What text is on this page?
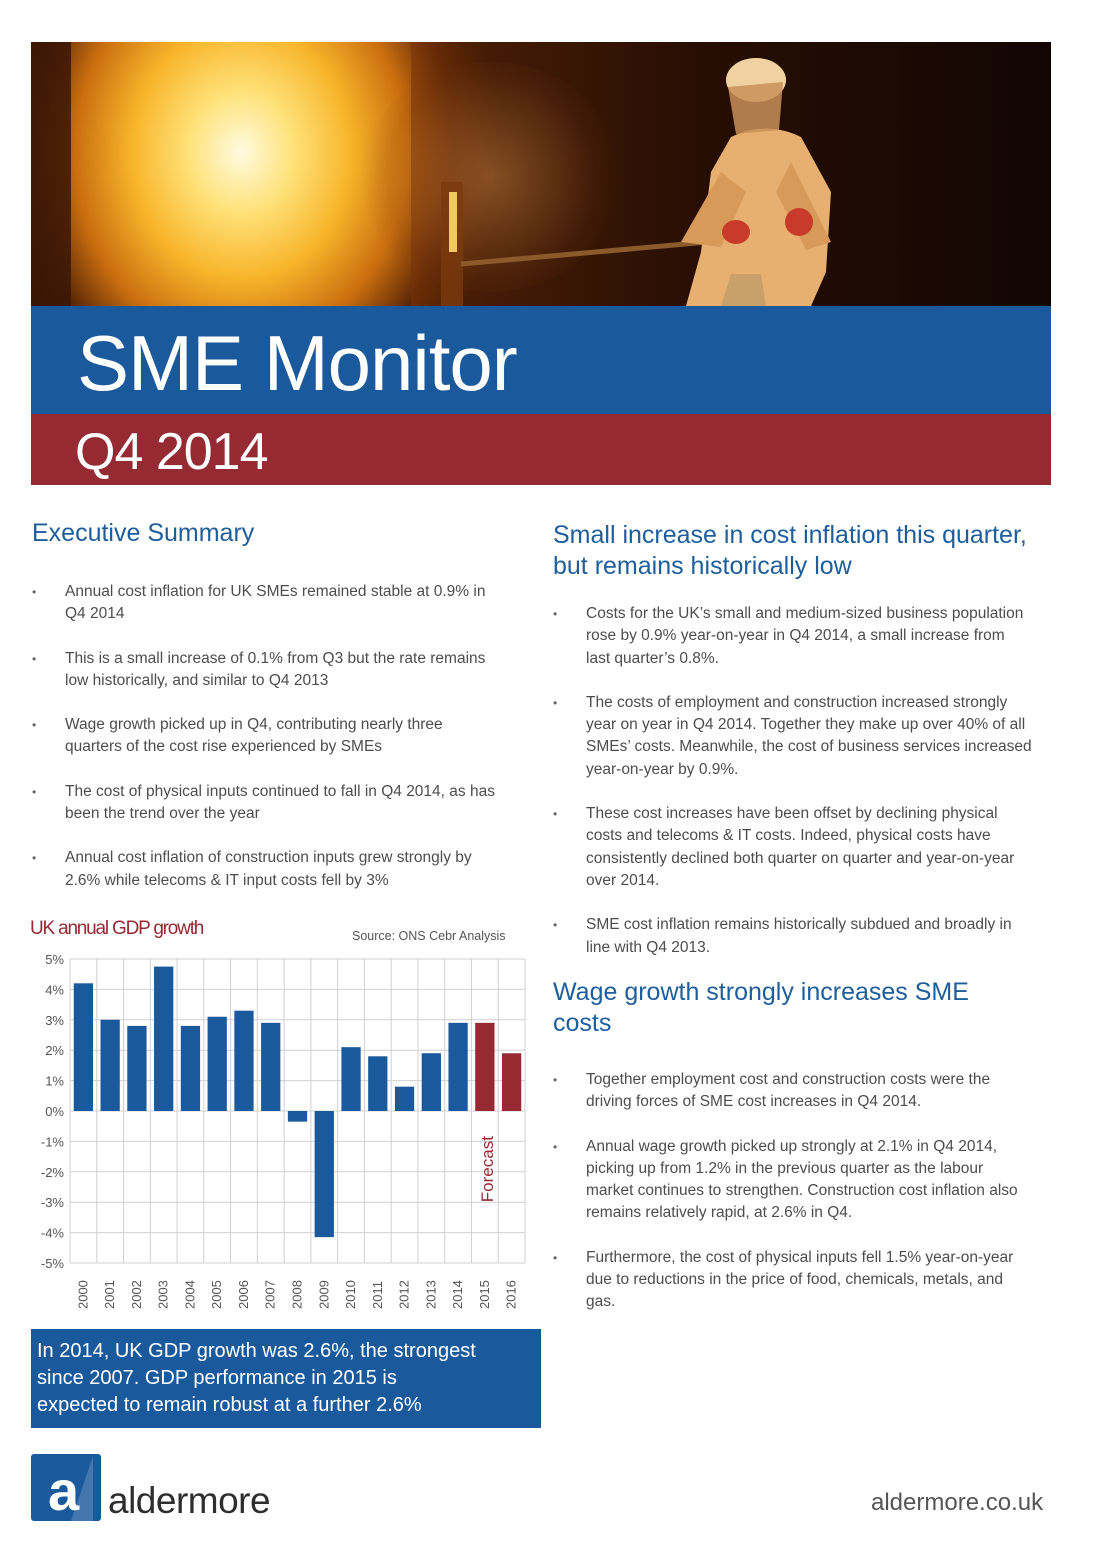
SME Monitor
Q4 2014
Executive Summary
• Annual cost inflation for UK SMEs remained stable at 0.9% in Q4 2014
• This is a small increase of 0.1% from Q3 but the rate remains low historically, and similar to Q4 2013
• Wage growth picked up in Q4, contributing nearly three quarters of the cost rise experienced by SMEs
• The cost of physical inputs continued to fall in Q4 2014, as has been the trend over the year
• Annual cost inflation of construction inputs grew strongly by 2.6% while telecoms & IT input costs fell by 3%
Small increase in cost inflation this quarter, but remains historically low
• Costs for the UK’s small and medium-sized business population rose by 0.9% year-on-year in Q4 2014, a small increase from last quarter’s 0.8%.
• The costs of employment and construction increased strongly year on year in Q4 2014. Together they make up over 40% of all SMEs’ costs. Meanwhile, the cost of business services increased year-on-year by 0.9%.
• These cost increases have been offset by declining physical costs and telecoms & IT costs. Indeed, physical costs have consistently declined both quarter on quarter and year-on-year over 2014.
• SME cost inflation remains historically subdued and broadly in line with Q4 2013.
Wage growth strongly increases SME costs
• Together employment cost and construction costs were the driving forces of SME cost increases in Q4 2014.
• Annual wage growth picked up strongly at 2.1% in Q4 2014, picking up from 1.2% in the previous quarter as the labour market continues to strengthen. Construction cost inflation also remains relatively rapid, at 2.6% in Q4.
• Furthermore, the cost of physical inputs fell 1.5% year-on-year due to reductions in the price of food, chemicals, metals, and gas.
UK annual GDP growth	Source: ONS Cebr Analysis
5%
4%
3%
2%
1%
0%
-1%
-2%
-3%
-4%
-5%
2000 2001 2002 2003 2004 2005 2006 2007 2008 2009 2010 2011 2012 2013 2014 2015 2016
Forecast

In 2014, UK GDP growth was 2.6%, the strongest since 2007. GDP performance in 2015 is expected to remain robust at a further 2.6%

a aldermore	aldermore.co.uk
